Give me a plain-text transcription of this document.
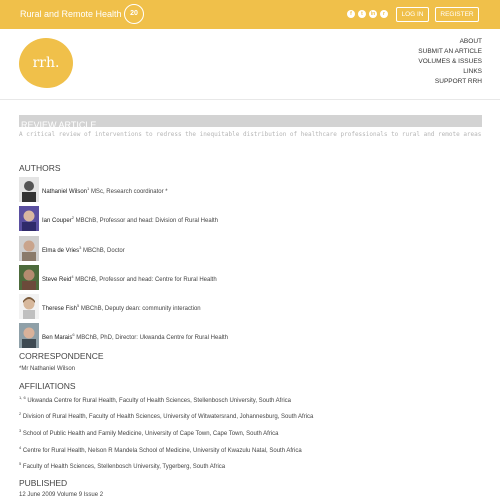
Rural and Remote Health	20	f	t	in	r	LOG IN	REGISTER
rrh.
ABOUT
SUBMIT AN ARTICLE
VOLUMES & ISSUES
LINKS
SUPPORT RRH
REVIEW ARTICLE
A critical review of interventions to redress the inequitable distribution of healthcare professionals to rural and remote areas
AUTHORS
Nathaniel Wilson$^1$ MSc, Research coordinator *
Ian Couper$^2$ MBChB, Professor and head: Division of Rural Health
Elma de Vries$^3$ MBChB, Doctor
Steve Reid$^4$ MBChB, Professor and head: Centre for Rural Health
Therese Fish$^5$ MBChB, Deputy dean: community interaction
Ben Marais$^6$ MBChB, PhD, Director: Ukwanda Centre for Rural Health
CORRESPONDENCE
*Mr Nathaniel Wilson
AFFILIATIONS
$^{1, 6}$ Ukwanda Centre for Rural Health, Faculty of Health Sciences, Stellenbosch University, South Africa
$^2$ Division of Rural Health, Faculty of Health Sciences, University of Witwatersrand, Johannesburg, South Africa
$^3$ School of Public Health and Family Medicine, University of Cape Town, Cape Town, South Africa
$^4$ Centre for Rural Health, Nelson R Mandela School of Medicine, University of Kwazulu Natal, South Africa
$^5$ Faculty of Health Sciences, Stellenbosch University, Tygerberg, South Africa
PUBLISHED
12 June 2009 Volume 9 Issue 2
